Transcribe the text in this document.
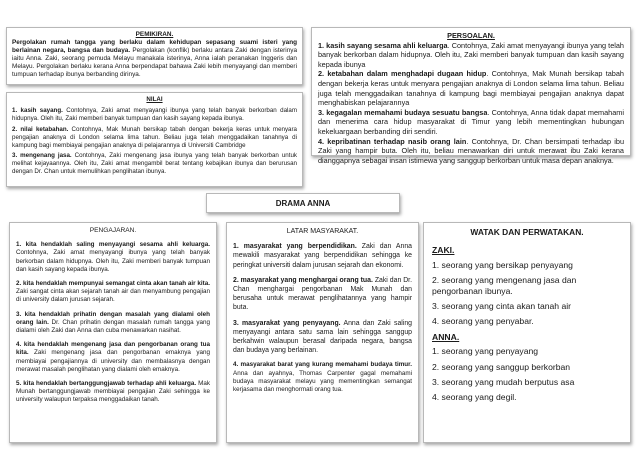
PEMIKIRAN.

Pergolakan rumah tangga yang berlaku dalam kehidupan sepasang suami isteri yang berlainan negara, bangsa dan budaya. Pergolakan (konflik) berlaku antara Zaki dengan isterinya iaitu Anna. Zaki, seorang pemuda Melayu manakala isterinya, Anna ialah peranakan Inggeris dan Melayu. Pergolakan berlaku kerana Anna berpendapat bahawa Zaki lebih menyayangi dan memberi tumpuan terhadap ibunya berbanding dirinya.

NILAI

1. kasih sayang. Contohnya, Zaki amat menyayangi ibunya yang telah banyak berkorban dalam hidupnya. Oleh itu, Zaki memberi banyak tumpuan dan kasih sayang kepada ibunya.

2. nilai ketabahan. Contohnya, Mak Munah bersikap tabah dengan bekerja keras untuk menyara pengajian anaknya di London selama lima tahun. Beliau juga telah menggadaikan tanahnya di kampung bagi membiayai pengajian anaknya di pelajarannya di Universiti Cambridge

3. mengenang jasa. Contohnya, Zaki mengenang jasa ibunya yang telah banyak berkorban untuk melihat kejayaannya. Oleh itu, Zaki amat mengambil berat tentang kebajikan ibunya dan berurusan dengan Dr. Chan untuk memulihkan penglihatan ibunya.

PERSOALAN.

1. kasih sayang sesama ahli keluarga. Contohnya, Zaki amat menyayangi ibunya yang telah banyak berkorban dalam hidupnya. Oleh itu, Zaki memberi banyak tumpuan dan kasih sayang kepada ibunya

2. ketabahan dalam menghadapi dugaan hidup. Contohnya, Mak Munah bersikap tabah dengan bekerja keras untuk menyara pengajian anaknya di London selama lima tahun. Beliau juga telah menggadaikan tanahnya di kampung bagi membiayai pengajian anaknya dapat menghabiskan pelajarannya

3. kegagalan memahami budaya sesuatu bangsa. Contohnya, Anna tidak dapat memahami dan menerima cara hidup masyarakat di Timur yang lebih mementingkan hubungan kekeluargaan berbanding diri sendiri.

4. kepribatinan terhadap nasib orang lain. Contohnya, Dr. Chan bersimpati terhadap ibu Zaki yang hampir buta. Oleh itu, beliau menawarkan diri untuk merawat ibu Zaki kerana dianggapnya sebagai insan istimewa yang sanggup berkorban untuk masa depan anaknya.

DRAMA ANNA
PENGAJARAN.

1. kita hendaklah saling menyayangi sesama ahli keluarga. Contohnya, Zaki amat menyayangi ibunya yang telah banyak berkorban dalam hidupnya. Oleh itu, Zaki memberi banyak tumpuan dan kasih sayang kepada ibunya.

2. kita hendaklah mempunyai semangat cinta akan tanah air kita. Zaki sangat cinta akan sejarah tanah air dan menyambung pengajian di university dalam jurusan sejarah.

3. kita hendaklah prihatin dengan masalah yang dialami oleh orang lain. Dr. Chan prihatin dengan masalah rumah tangga yang dialami oleh Zaki dan Anna dan cuba menawarkan nasihat.

4. kita hendaklah mengenang jasa dan pengorbanan orang tua kita. Zaki mengenang jasa dan pengorbanan emaknya yang membiayai pengajiannya di university dan membalasnya dengan merawat masalah penglihatan yang dialami oleh emaknya.

5. kita hendaklah bertanggungjawab terhadap ahli keluarga. Mak Munah bertanggungjawab membiayai pengajian Zaki sehingga ke university walaupun terpaksa menggadaikan tanah.

LATAR MASYARAKAT.

1. masyarakat yang berpendidikan. Zaki dan Anna mewakili masyarakat yang berpendidikan sehingga ke peringkat universiti dalam jurusan sejarah dan ekonomi.

2. masyarakat yang menghargai orang tua. Zaki dan Dr. Chan menghargai pengorbanan Mak Munah dan berusaha untuk merawat penglihatannya yang hampir buta.

3. masyarakat yang penyayang. Anna dan Zaki saling menyayangi antara satu sama lain sehingga sanggup berkahwin walaupun berasal daripada negara, bangsa dan budaya yang berlainan.

4. masyarakat barat yang kurang memahami budaya timur. Anna dan ayahnya, Thomas Carpenter gagal memahami budaya masyarakat melayu yang mementingkan semangat kerjasama dan menghormati orang tua.

WATAK DAN PERWATAKAN.
ZAKI.
1. seorang yang bersikap penyayang
2. seorang yang mengenang jasa dan pengorbanan ibunya.
3. seorang yang cinta akan tanah air
4. seorang yang penyabar.
ANNA.
1. seorang yang penyayang
2. seorang yang sanggup berkorban
3. seorang yang mudah berputus asa
4. seorang yang degil.
